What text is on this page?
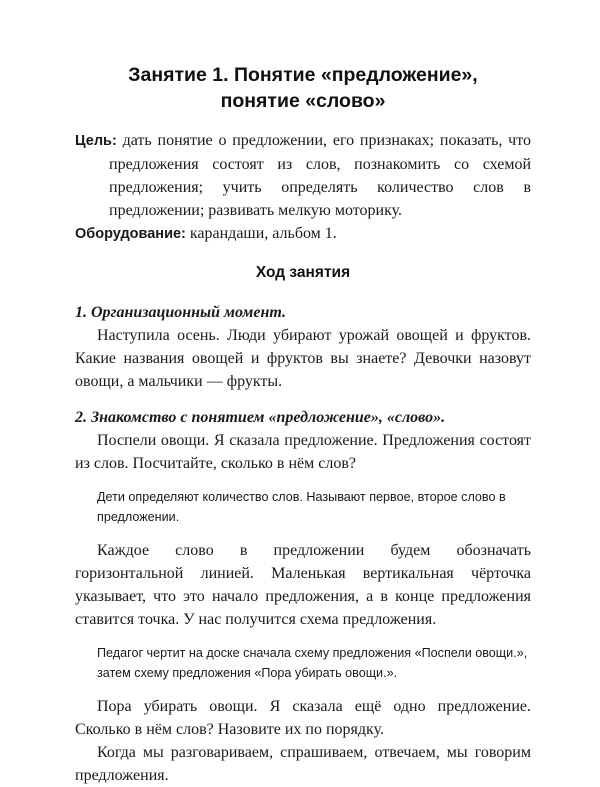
Занятие 1. Понятие «предложение»,
понятие «слово»

Цель: дать понятие о предложении, его признаках; показать, что предложения состоят из слов, познакомить со схемой предложения; учить определять количество слов в предложении; развивать мелкую моторику.

Оборудование: карандаши, альбом 1.

Ход занятия

1. Организационный момент.

Наступила осень. Люди убирают урожай овощей и фруктов. Какие названия овощей и фруктов вы знаете? Девочки назовут овощи, а мальчики — фрукты.

2. Знакомство с понятием «предложение», «слово».

Поспели овощи. Я сказала предложение. Предложения состоят из слов. Посчитайте, сколько в нём слов?

Дети определяют количество слов. Называют первое, второе слово в предложении.

Каждое слово в предложении будем обозначать горизонтальной линией. Маленькая вертикальная чёрточка указывает, что это начало предложения, а в конце предложения ставится точка. У нас получится схема предложения.

Педагог чертит на доске сначала схему предложения «Поспели овощи.», затем схему предложения «Пора убирать овощи.».

Пора убирать овощи. Я сказала ещё одно предложение. Сколько в нём слов? Назовите их по порядку.

Когда мы разговариваем, спрашиваем, отвечаем, мы говорим предложения.
